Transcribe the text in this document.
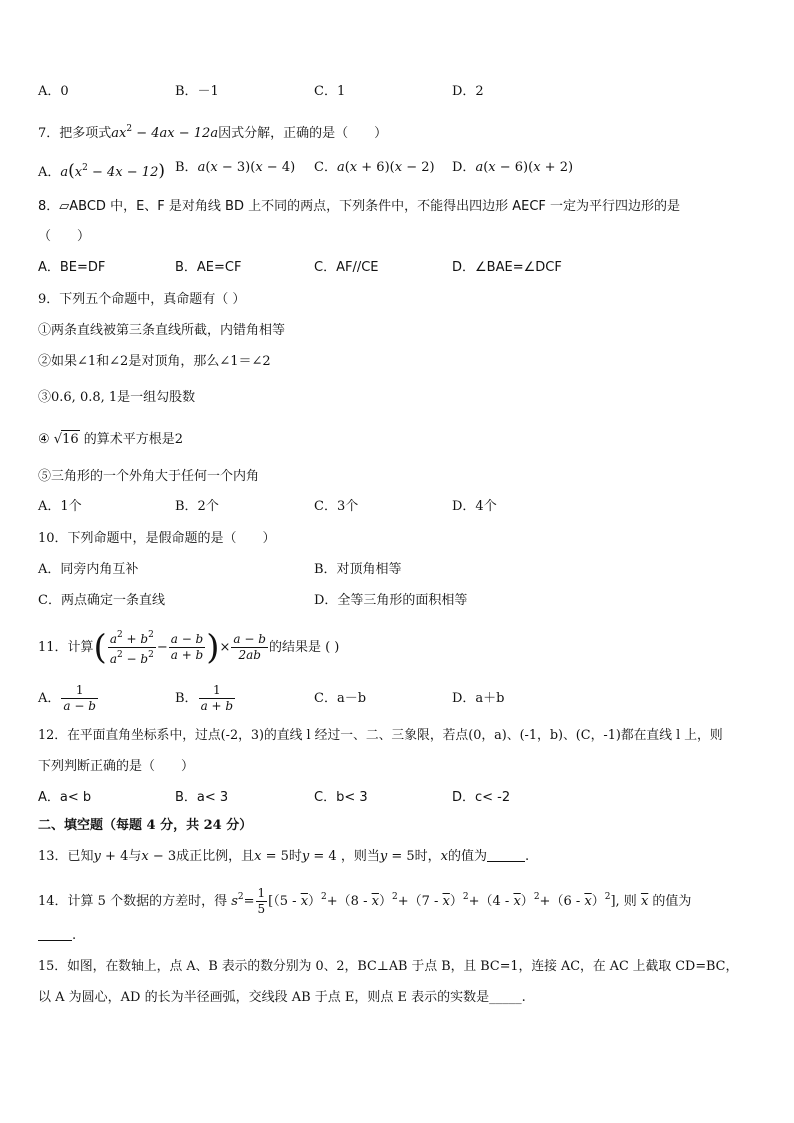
A．0	B．－1	C．1	D．2
7．把多项式$ax^2 - 4ax - 12a$因式分解，正确的是（　　）
A．$a(x^2 - 4x - 12)$ B．a(x − 3)(x − 4) C．a(x + 6)(x − 2) D．a(x − 6)(x + 2)
8．▱ABCD 中，E、F 是对角线 BD 上不同的两点，下列条件中，不能得出四边形 AECF 一定为平行四边形的是
（　　）
A．BE=DF	B．AE=CF	C．AF//CE	D．∠BAE=∠DCF
9．下列五个命题中，真命题有（ ）
①两条直线被第三条直线所截，内错角相等
②如果∠1和∠2是对顶角，那么∠1＝∠2
③0.6, 0.8, 1是一组勾股数
④ √16 的算术平方根是2
⑤三角形的一个外角大于任何一个内角
A．1个	B．2个	C．3个	D．4个
10．下列命题中，是假命题的是（　　）
A．同旁内角互补	B．对顶角相等
C．两点确定一条直线	D．全等三角形的面积相等
11．计算( $\frac{a^2 + b^2}{a^2 - b^2} - \frac{a - b}{a + b}$ )× $\frac{a - b}{2ab}$ 的结果是 ( )
A． $\frac{1}{a - b}$	B． $\frac{1}{a + b}$	C．a－b	D．a＋b
12．在平面直角坐标系中，过点(-2，3)的直线 l 经过一、二、三象限，若点(0，a)、(-1，b)、(C，-1)都在直线 l 上，则
下列判断正确的是（　　）
A．a< b	B．a< 3	C．b< 3	D．c< -2
二、填空题（每题 4 分，共 24 分）
13．已知y + 4与x − 3成正比例，且x = 5时y = 4 ，则当y = 5时，x的值为	.
14．计算 5 个数据的方差时，得 $s^2= \frac{1}{5} [(5 - \overline{x})^2+(8 - \overline{x})^2+(7 - \overline{x})^2+(4 - \overline{x})^2+(6 - \overline{x})^2]$, 则 $\overline{x}$ 的值为
.
15．如图，在数轴上，点 A、B 表示的数分别为 0、2，BC⊥AB 于点 B，且 BC=1，连接 AC，在 AC 上截取 CD=BC，
以 A 为圆心，AD 的长为半径画弧，交线段 AB 于点 E，则点 E 表示的实数是_____.
